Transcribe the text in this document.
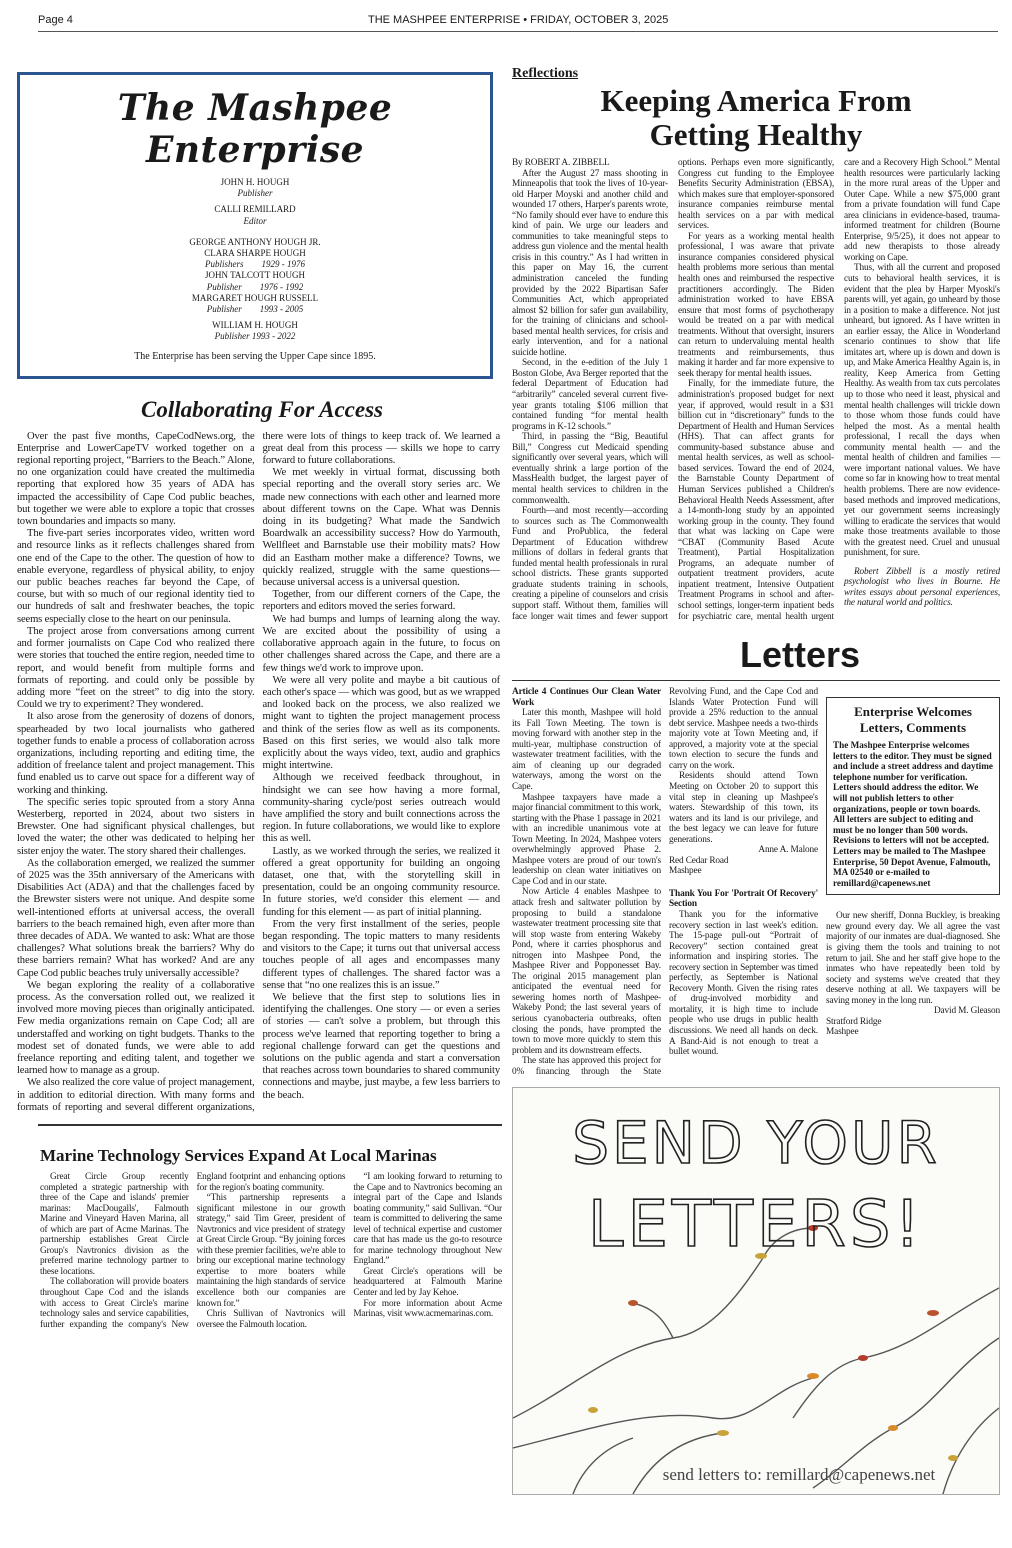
Page 4	THE MASHPEE ENTERPRISE • FRIDAY, OCTOBER 3, 2025
The Mashpee Enterprise
JOHN H. HOUGH
Publisher
CALLI REMILLARD
Editor
GEORGE ANTHONY HOUGH JR.
CLARA SHARPE HOUGH
Publishers        1929 - 1976
JOHN TALCOTT HOUGH
Publisher        1976 - 1992
MARGARET HOUGH RUSSELL
Publisher        1993 - 2005
WILLIAM H. HOUGH
Publisher 1993 - 2022
The Enterprise has been serving the Upper Cape since 1895.
Collaborating For Access

Over the past five months, CapeCodNews.org, the Enterprise and LowerCapeTV worked together on a regional reporting project, “Barriers to the Beach.” Alone, no one organization could have created the multimedia reporting that explored how 35 years of ADA has impacted the accessibility of Cape Cod public beaches, but together we were able to explore a topic that crosses town boundaries and impacts so many.

The five-part series incorporates video, written word and resource links as it reflects challenges shared from one end of the Cape to the other. The question of how to enable everyone, regardless of physical ability, to enjoy our public beaches reaches far beyond the Cape, of course, but with so much of our regional identity tied to our hundreds of salt and freshwater beaches, the topic seems especially close to the heart on our peninsula.

The project arose from conversations among current and former journalists on Cape Cod who realized there were stories that touched the entire region, needed time to report, and would benefit from multiple forms and formats of reporting. and could only be possible by adding more “feet on the street” to dig into the story. Could we try to experiment? They wondered.

It also arose from the generosity of dozens of donors, spearheaded by two local journalists who gathered together funds to enable a process of collaboration across organizations, including reporting and editing time, the addition of freelance talent and project management. This fund enabled us to carve out space for a different way of working and thinking.

The specific series topic sprouted from a story Anna Westerberg, reported in 2024, about two sisters in Brewster. One had significant physical challenges, but loved the water; the other was dedicated to helping her sister enjoy the water. The story shared their challenges.

As the collaboration emerged, we realized the summer of 2025 was the 35th anniversary of the Americans with Disabilities Act (ADA) and that the challenges faced by the Brewster sisters were not unique. And despite some well-intentioned efforts at universal access, the overall barriers to the beach remained high, even after more than three decades of ADA. We wanted to ask: What are those challenges? What solutions break the barriers? Why do these barriers remain? What has worked? And are any Cape Cod public beaches truly universally accessible?

We began exploring the reality of a collaborative process. As the conversation rolled out, we realized it involved more moving pieces than originally anticipated. Few media organizations remain on Cape Cod; all are understaffed and working on tight budgets. Thanks to the modest set of donated funds, we were able to add freelance reporting and editing talent, and together we learned how to manage as a group.

We also realized the core value of project management, in addition to editorial direction. With many forms and formats of reporting and several different organizations, there were lots of things to keep track of. We learned a great deal from this process — skills we hope to carry forward to future collaborations.

We met weekly in virtual format, discussing both special reporting and the overall story series arc. We made new connections with each other and learned more about different towns on the Cape. What was Dennis doing in its budgeting? What made the Sandwich Boardwalk an accessibility success? How do Yarmouth, Wellfleet and Barnstable use their mobility mats? How did an Eastham mother make a difference? Towns, we quickly realized, struggle with the same questions—because universal access is a universal question.

Together, from our different corners of the Cape, the reporters and editors moved the series forward.

We had bumps and lumps of learning along the way. We are excited about the possibility of using a collaborative approach again in the future, to focus on other challenges shared across the Cape, and there are a few things we'd work to improve upon.

We were all very polite and maybe a bit cautious of each other's space — which was good, but as we wrapped and looked back on the process, we also realized we might want to tighten the project management process and think of the series flow as well as its components. Based on this first series, we would also talk more explicitly about the ways video, text, audio and graphics might intertwine.

Although we received feedback throughout, in hindsight we can see how having a more formal, community-sharing cycle/post series outreach would have amplified the story and built connections across the region. In future collaborations, we would like to explore this as well.

Lastly, as we worked through the series, we realized it offered a great opportunity for building an ongoing dataset, one that, with the storytelling skill in presentation, could be an ongoing community resource. In future stories, we'd consider this element — and funding for this element — as part of initial planning.

From the very first installment of the series, people began responding. The topic matters to many residents and visitors to the Cape; it turns out that universal access touches people of all ages and encompasses many different types of challenges. The shared factor was a sense that “no one realizes this is an issue.”

We believe that the first step to solutions lies in identifying the challenges. One story — or even a series of stories — can't solve a problem, but through this process we've learned that reporting together to bring a regional challenge forward can get the questions and solutions on the public agenda and start a conversation that reaches across town boundaries to shared community connections and maybe, just maybe, a few less barriers to the beach.

Marine Technology Services Expand At Local Marinas

Great Circle Group recently completed a strategic partnership with three of the Cape and islands' premier marinas: MacDougalls', Falmouth Marine and Vineyard Haven Marina, all of which are part of Acme Marinas. The partnership establishes Great Circle Group's Navtronics division as the preferred marine technology partner to these locations.

The collaboration will provide boaters throughout Cape Cod and the islands with access to Great Circle's marine technology sales and service capabilities, further expanding the company's New England footprint and enhancing options for the region's boating community.

“This partnership represents a significant milestone in our growth strategy,” said Tim Greer, president of Navtronics and vice president of strategy at Great Circle Group. “By joining forces with these premier facilities, we're able to bring our exceptional marine technology expertise to more boaters while maintaining the high standards of service excellence both our companies are known for.”

Chris Sullivan of Navtronics will oversee the Falmouth location.

“I am looking forward to returning to the Cape and to Navtronics becoming an integral part of the Cape and Islands boating community,” said Sullivan. “Our team is committed to delivering the same level of technical expertise and customer care that has made us the go-to resource for marine technology throughout New England.”

Great Circle's operations will be headquartered at Falmouth Marine Center and led by Jay Kehoe.

For more information about Acme Marinas, visit www.acmemarinas.com.

Reflections
Keeping America From Getting Healthy

By ROBERT A. ZIBBELL

After the August 27 mass shooting in Minneapolis that took the lives of 10-year-old Harper Moyski and another child and wounded 17 others, Harper's parents wrote, “No family should ever have to endure this kind of pain. We urge our leaders and communities to take meaningful steps to address gun violence and the mental health crisis in this country.” As I had written in this paper on May 16, the current administration canceled the funding provided by the 2022 Bipartisan Safer Communities Act, which appropriated almost $2 billion for safer gun availability, for the training of clinicians and school-based mental health services, for crisis and early intervention, and for a national suicide hotline.

Second, in the e-edition of the July 1 Boston Globe, Ava Berger reported that the federal Department of Education had “arbitrarily” canceled several current five-year grants totaling $106 million that contained funding “for mental health programs in K-12 schools.”

Third, in passing the “Big, Beautiful Bill,” Congress cut Medicaid spending significantly over several years, which will eventually shrink a large portion of the MassHealth budget, the largest payer of mental health services to children in the commonwealth.

Fourth—and most recently—according to sources such as The Commonwealth Fund and ProPublica, the federal Department of Education withdrew millions of dollars in federal grants that funded mental health professionals in rural school districts. These grants supported graduate students training in schools, creating a pipeline of counselors and crisis support staff. Without them, families will face longer wait times and fewer support options. Perhaps even more significantly, Congress cut funding to the Employee Benefits Security Administration (EBSA), which makes sure that employer-sponsored insurance companies reimburse mental health services on a par with medical services.

For years as a working mental health professional, I was aware that private insurance companies considered physical health problems more serious than mental health ones and reimbursed the respective practitioners accordingly. The Biden administration worked to have EBSA ensure that most forms of psychotherapy would be treated on a par with medical treatments. Without that oversight, insurers can return to undervaluing mental health treatments and reimbursements, thus making it harder and far more expensive to seek therapy for mental health issues.

Finally, for the immediate future, the administration's proposed budget for next year, if approved, would result in a $31 billion cut in “discretionary” funds to the Department of Health and Human Services (HHS). That can affect grants for community-based substance abuse and mental health services, as well as school-based services. Toward the end of 2024, the Barnstable County Department of Human Services published a Children's Behavioral Health Needs Assessment, after a 14-month-long study by an appointed working group in the county. They found that what was lacking on Cape were “CBAT (Community Based Acute Treatment), Partial Hospitalization Programs, an adequate number of outpatient treatment providers, acute inpatient treatment, Intensive Outpatient Treatment Programs in school and after-school settings, longer-term inpatient beds for psychiatric care, mental health urgent care and a Recovery High School.” Mental health resources were particularly lacking in the more rural areas of the Upper and Outer Cape. While a new $75,000 grant from a private foundation will fund Cape area clinicians in evidence-based, trauma-informed treatment for children (Bourne Enterprise, 9/5/25), it does not appear to add new therapists to those already working on Cape.

Thus, with all the current and proposed cuts to behavioral health services, it is evident that the plea by Harper Myoski's parents will, yet again, go unheard by those in a position to make a difference. Not just unheard, but ignored. As I have written in an earlier essay, the Alice in Wonderland scenario continues to show that life imitates art, where up is down and down is up, and Make America Healthy Again is, in reality, Keep America from Getting Healthy. As wealth from tax cuts percolates up to those who need it least, physical and mental health challenges will trickle down to those whom those funds could have helped the most. As a mental health professional, I recall the days when community mental health — and the mental health of children and families — were important national values. We have come so far in knowing how to treat mental health problems. There are now evidence-based methods and improved medications, yet our government seems increasingly willing to eradicate the services that would make those treatments available to those with the greatest need. Cruel and unusual punishment, for sure.

Robert Zibbell is a mostly retired psychologist who lives in Bourne. He writes essays about personal experiences, the natural world and politics.

Letters
Article 4 Continues Our Clean Water Work

Later this month, Mashpee will hold its Fall Town Meeting. The town is moving forward with another step in the multi-year, multiphase construction of wastewater treatment facilities, with the aim of cleaning up our degraded waterways, among the worst on the Cape.

Mashpee taxpayers have made a major financial commitment to this work, starting with the Phase 1 passage in 2021 with an incredible unanimous vote at Town Meeting. In 2024, Mashpee voters overwhelmingly approved Phase 2. Mashpee voters are proud of our town's leadership on clean water initiatives on Cape Cod and in our state.

Now Article 4 enables Mashpee to attack fresh and saltwater pollution by proposing to build a standalone wastewater treatment processing site that will stop waste from entering Wakeby Pond, where it carries phosphorus and nitrogen into Mashpee Pond, the Mashpee River and Popponesset Bay. The original 2015 management plan anticipated the eventual need for sewering homes north of Mashpee-Wakeby Pond; the last several years of serious cyanobacteria outbreaks, often closing the ponds, have prompted the town to move more quickly to stem this problem and its downstream effects.

The state has approved this project for 0% financing through the State Revolving Fund, and the Cape Cod and Islands Water Protection Fund will provide a 25% reduction to the annual debt service. Mashpee needs a two-thirds majority vote at Town Meeting and, if approved, a majority vote at the special town election to secure the funds and carry on the work.

Residents should attend Town Meeting on October 20 to support this vital step in cleaning up Mashpee's waters. Stewardship of this town, its waters and its land is our privilege, and the best legacy we can leave for future generations.

Anne A. Malone

Red Cedar Road

Mashpee

Thank You For 'Portrait Of Recovery' Section

Thank you for the informative recovery section in last week's edition. The 15-page pull-out “Portrait of Recovery” section contained great information and inspiring stories. The recovery section in September was timed perfectly, as September is National Recovery Month. Given the rising rates of drug-involved morbidity and mortality, it is high time to include people who use drugs in public health discussions. We need all hands on deck. A Band-Aid is not enough to treat a bullet wound.

Enterprise Welcomes Letters, Comments

The Mashpee Enterprise welcomes letters to the editor. They must be signed and include a street address and daytime telephone number for verification.

Letters should address the editor. We will not publish letters to other organizations, people or town boards.

All letters are subject to editing and must be no longer than 500 words. Revisions to letters will not be accepted.

Letters may be mailed to The Mashpee Enterprise, 50 Depot Avenue, Falmouth, MA 02540 or e-mailed to remillard@capenews.net

Our new sheriff, Donna Buckley, is breaking new ground every day. We all agree the vast majority of our inmates are dual-diagnosed. She is giving them the tools and training to not return to jail. She and her staff give hope to the inmates who have repeatedly been told by society and systems we've created that they deserve nothing at all. We taxpayers will be saving money in the long run.

David M. Gleason

Stratford Ridge

Mashpee

SEND YOUR
LETTERS!
send letters to: remillard@capenews.net
